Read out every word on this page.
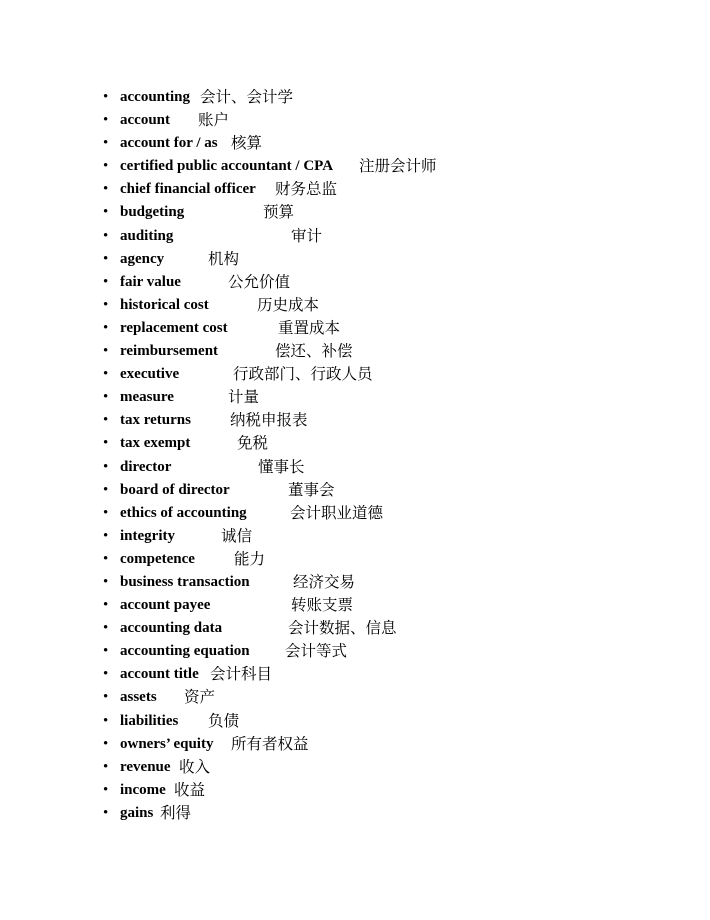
• accounting 会计、会计学
• account 账户
• account for / as 核算
• certified public accountant / CPA 注册会计师
• chief financial officer 财务总监
• budgeting	预算
• auditing	审计
• agency	机构
• fair value	公允价值
• historical cost	历史成本
• replacement cost	重置成本
• reimbursement	偿还、补偿
• executive	行政部门、行政人员
• measure	计量
• tax returns	纳税申报表
• tax exempt	免税
• director	懂事长
• board of director	董事会
• ethics of accounting	会计职业道德
• integrity	诚信
• competence	能力
• business transaction	经济交易
• account payee	转账支票
• accounting data	会计数据、信息
• accounting equation 会计等式
• account title 会计科目
• assets 资产
• liabilities 负债
• owners’ equity 所有者权益
• revenue 收入
• income 收益
• gains 利得
